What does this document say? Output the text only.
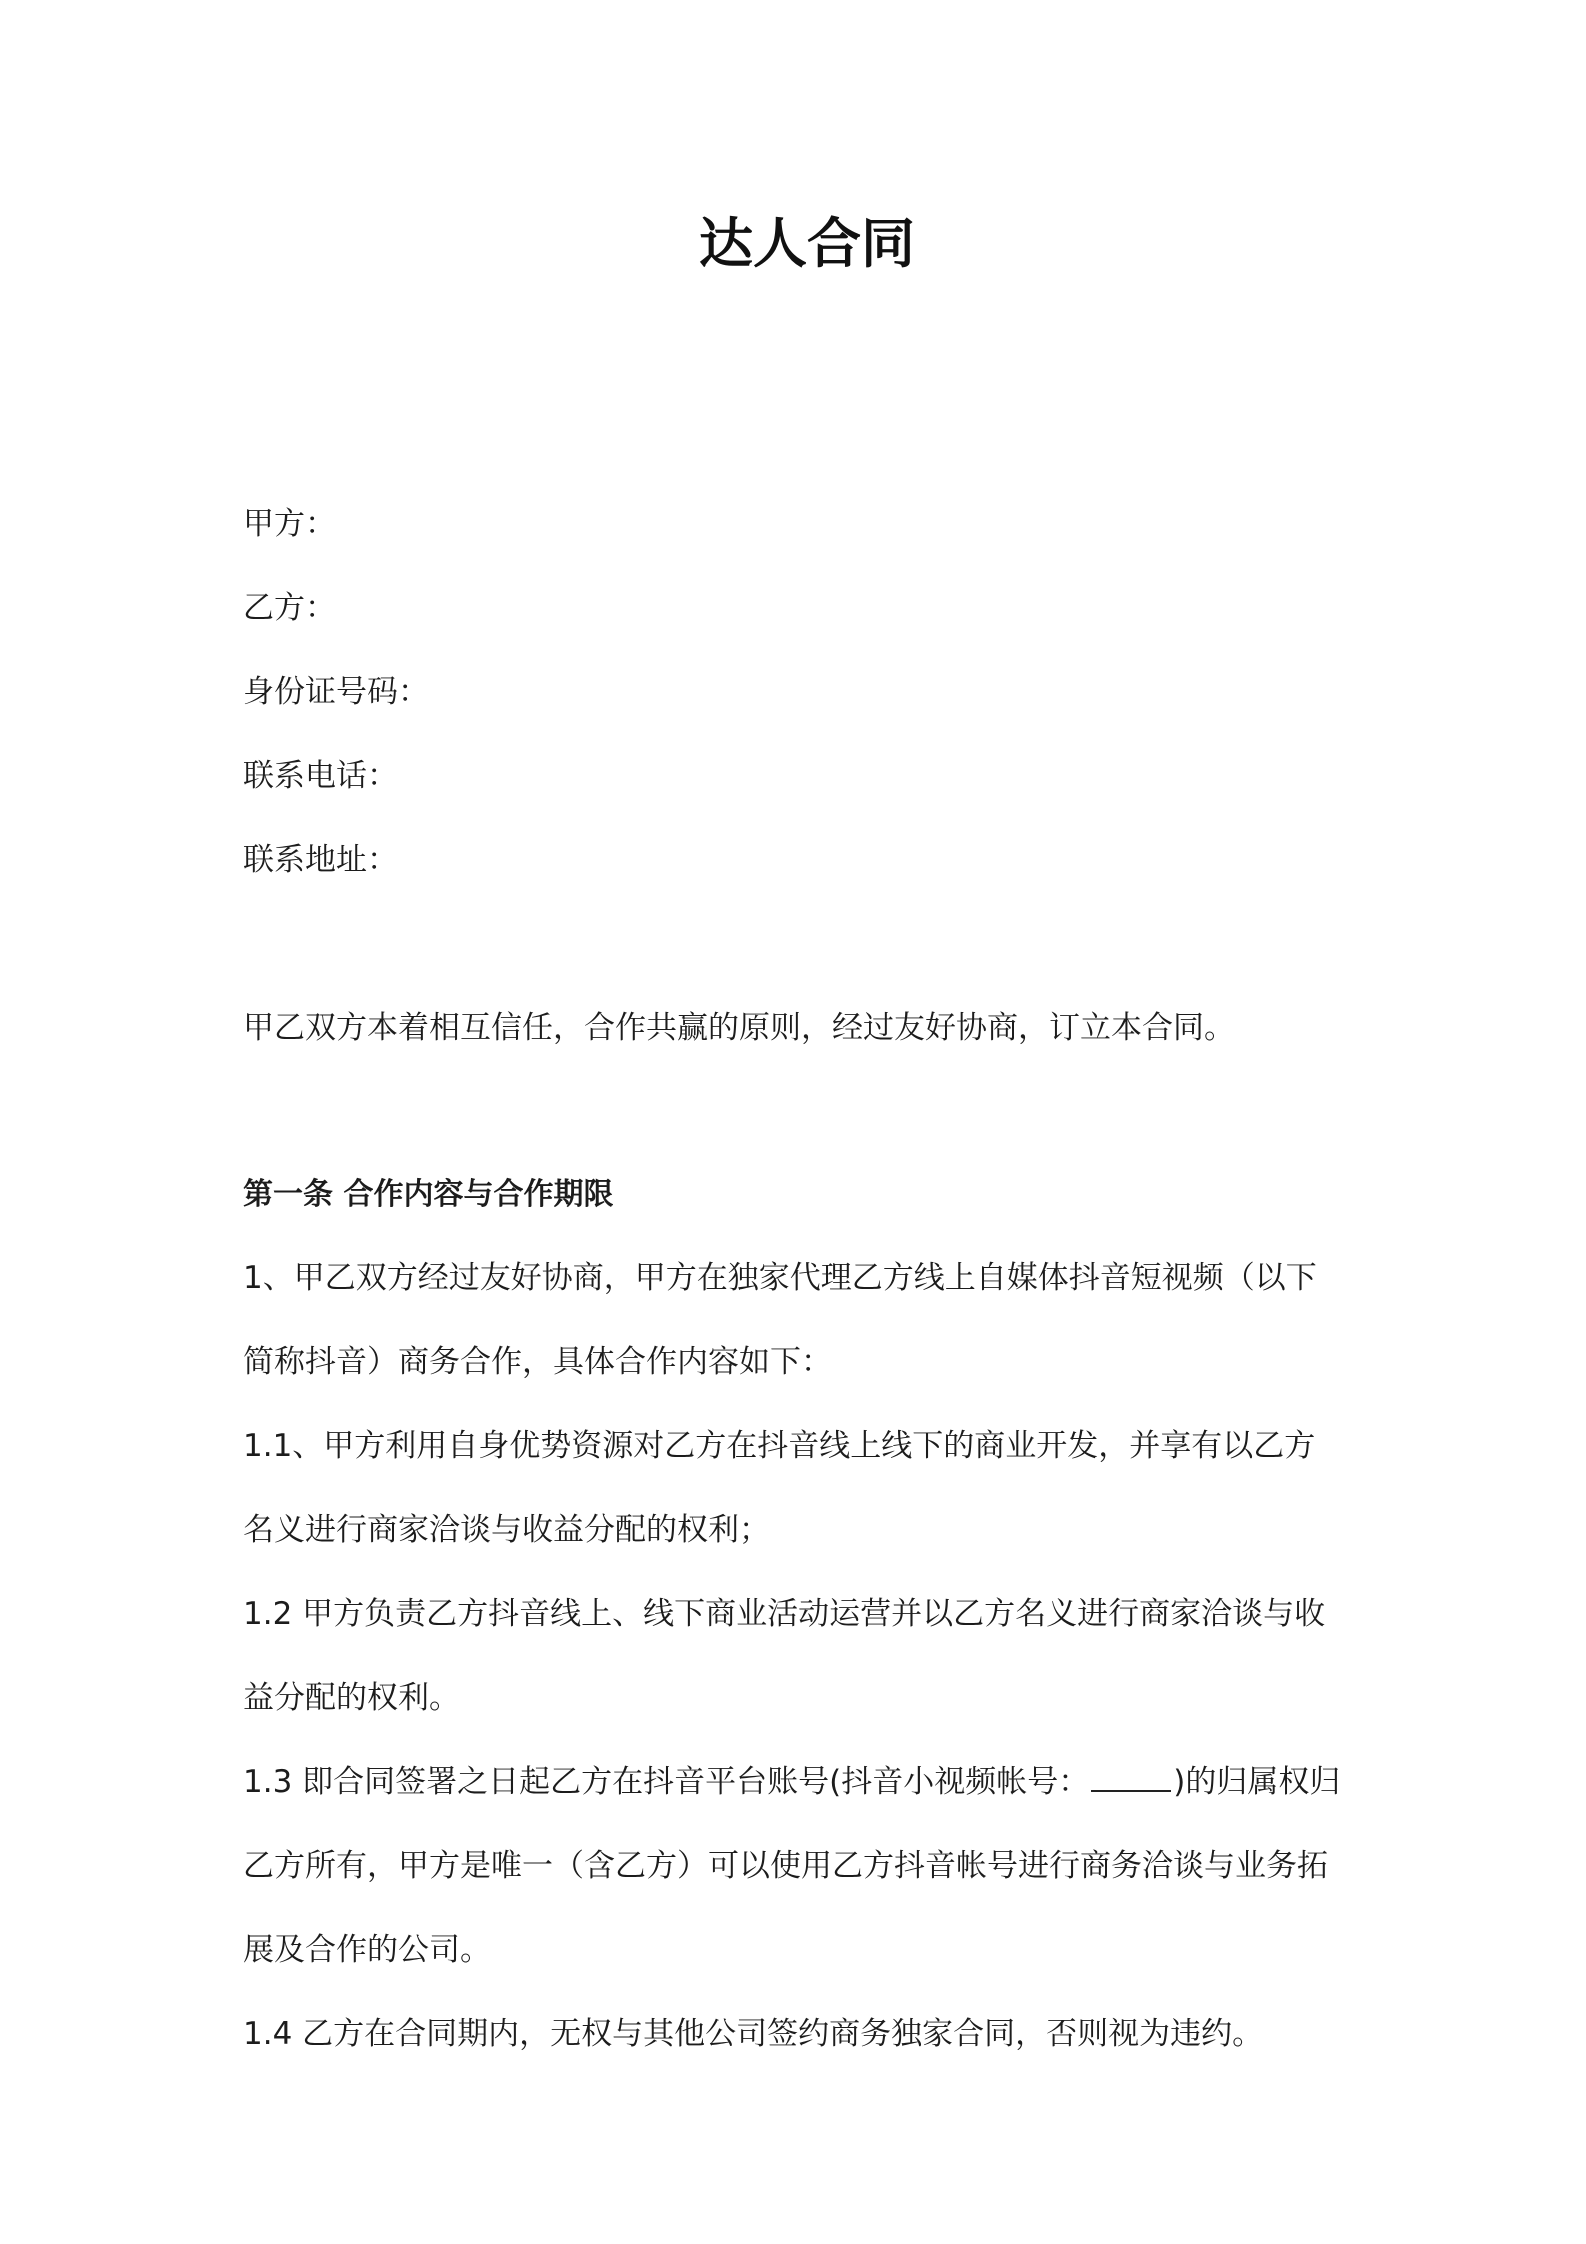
达人合同
甲方：
乙方：
身份证号码：
联系电话：
联系地址：
甲乙双方本着相互信任，合作共赢的原则，经过友好协商，订立本合同。
第一条 合作内容与合作期限
1、甲乙双方经过友好协商，甲方在独家代理乙方线上自媒体抖音短视频（以下
简称抖音）商务合作，具体合作内容如下：
1.1、甲方利用自身优势资源对乙方在抖音线上线下的商业开发，并享有以乙方
名义进行商家洽谈与收益分配的权利；
1.2 甲方负责乙方抖音线上、线下商业活动运营并以乙方名义进行商家洽谈与收
益分配的权利。
1.3 即合同签署之日起乙方在抖音平台账号(抖音小视频帐号：	)的归属权归
乙方所有，甲方是唯一（含乙方）可以使用乙方抖音帐号进行商务洽谈与业务拓
展及合作的公司。
1.4 乙方在合同期内，无权与其他公司签约商务独家合同，否则视为违约。
